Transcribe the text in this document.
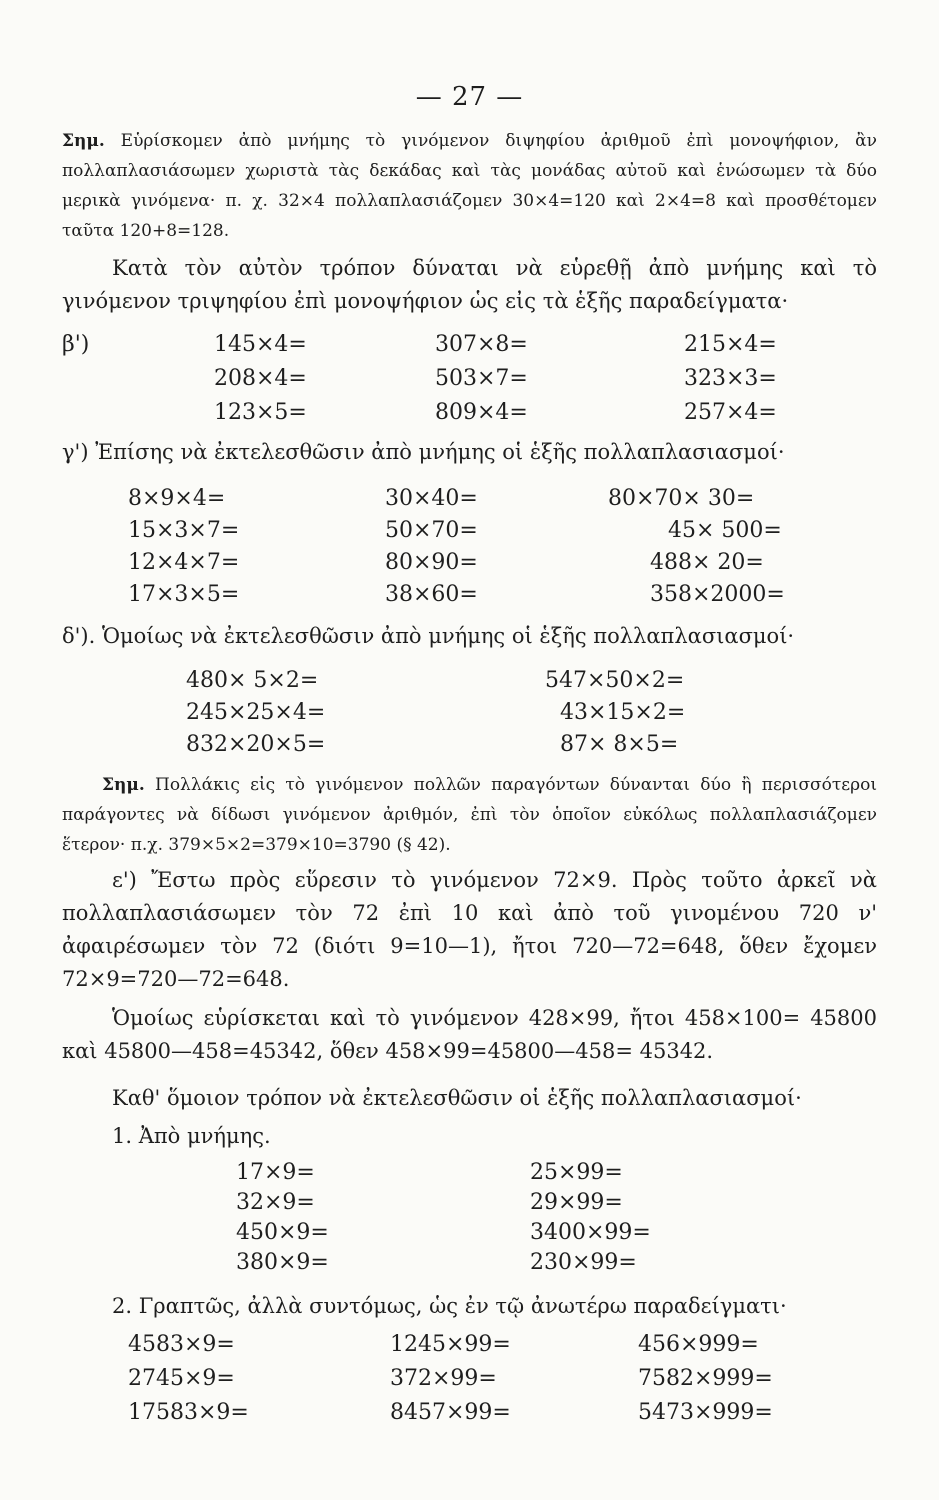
— 27 —
Σημ. Εὑρίσκομεν ἀπὸ μνήμης τὸ γινόμενον διψηφίου ἀριθμοῦ ἐπὶ μονοψήφιον, ἂν πολλαπλασιάσωμεν χωριστὰ τὰς δεκάδας καὶ τὰς μονάδας αὐτοῦ καὶ ἑνώσωμεν τὰ δύο μερικὰ γινόμενα· π. χ. 32×4 πολλαπλασιάζομεν 30×4=120 καὶ 2×4=8 καὶ προσθέτομεν ταῦτα 120+8=128.
Κατὰ τὸν αὐτὸν τρόπον δύναται νὰ εὑρεθῇ ἀπὸ μνήμης καὶ τὸ γινόμενον τριψηφίου ἐπὶ μονοψήφιον ὡς εἰς τὰ ἑξῆς παραδείγματα·
β')	145×4=
208×4=
123×5=
307×8=
503×7=
809×4=
215×4=
323×3=
257×4=
γ') Ἐπίσης νὰ ἐκτελεσθῶσιν ἀπὸ μνήμης οἱ ἑξῆς πολλαπλασιασμοί·
8×9×4=
15×3×7=
12×4×7=
17×3×5=
30×40=
50×70=
80×90=
38×60=
80×70× 30=
45× 500=
488× 20=
358×2000=
δ'). Ὁμοίως νὰ ἐκτελεσθῶσιν ἀπὸ μνήμης οἱ ἑξῆς πολλαπλασιασμοί·
480× 5×2=
245×25×4=
832×20×5=
547×50×2=
43×15×2=
87× 8×5=
Σημ. Πολλάκις εἰς τὸ γινόμενον πολλῶν παραγόντων δύνανται δύο ἢ περισσότεροι παράγοντες νὰ δίδωσι γινόμενον ἀριθμόν, ἐπὶ τὸν ὁποῖον εὐκόλως πολλαπλασιάζομεν ἕτερον· π.χ. 379×5×2=379×10=3790 (§ 42).
ε') Ἔστω πρὸς εὕρεσιν τὸ γινόμενον 72×9. Πρὸς τοῦτο ἀρκεῖ νὰ πολλαπλασιάσωμεν τὸν 72 ἐπὶ 10 καὶ ἀπὸ τοῦ γινομένου 720 ν' ἀφαιρέσωμεν τὸν 72 (διότι 9=10—1), ἤτοι 720—72=648, ὅθεν ἔχομεν 72×9=720—72=648.
Ὁμοίως εὑρίσκεται καὶ τὸ γινόμενον 428×99, ἤτοι 458×100= 45800 καὶ 45800—458=45342, ὅθεν 458×99=45800—458= 45342.
Καθ' ὅμοιον τρόπον νὰ ἐκτελεσθῶσιν οἱ ἑξῆς πολλαπλασιασμοί·
1. Ἀπὸ μνήμης.
17×9=
32×9=
450×9=
380×9=
25×99=
29×99=
3400×99=
230×99=
2. Γραπτῶς, ἀλλὰ συντόμως, ὡς ἐν τῷ ἀνωτέρω παραδείγματι·
4583×9=
2745×9=
17583×9=
1245×99=
372×99=
8457×99=
456×999=
7582×999=
5473×999=
